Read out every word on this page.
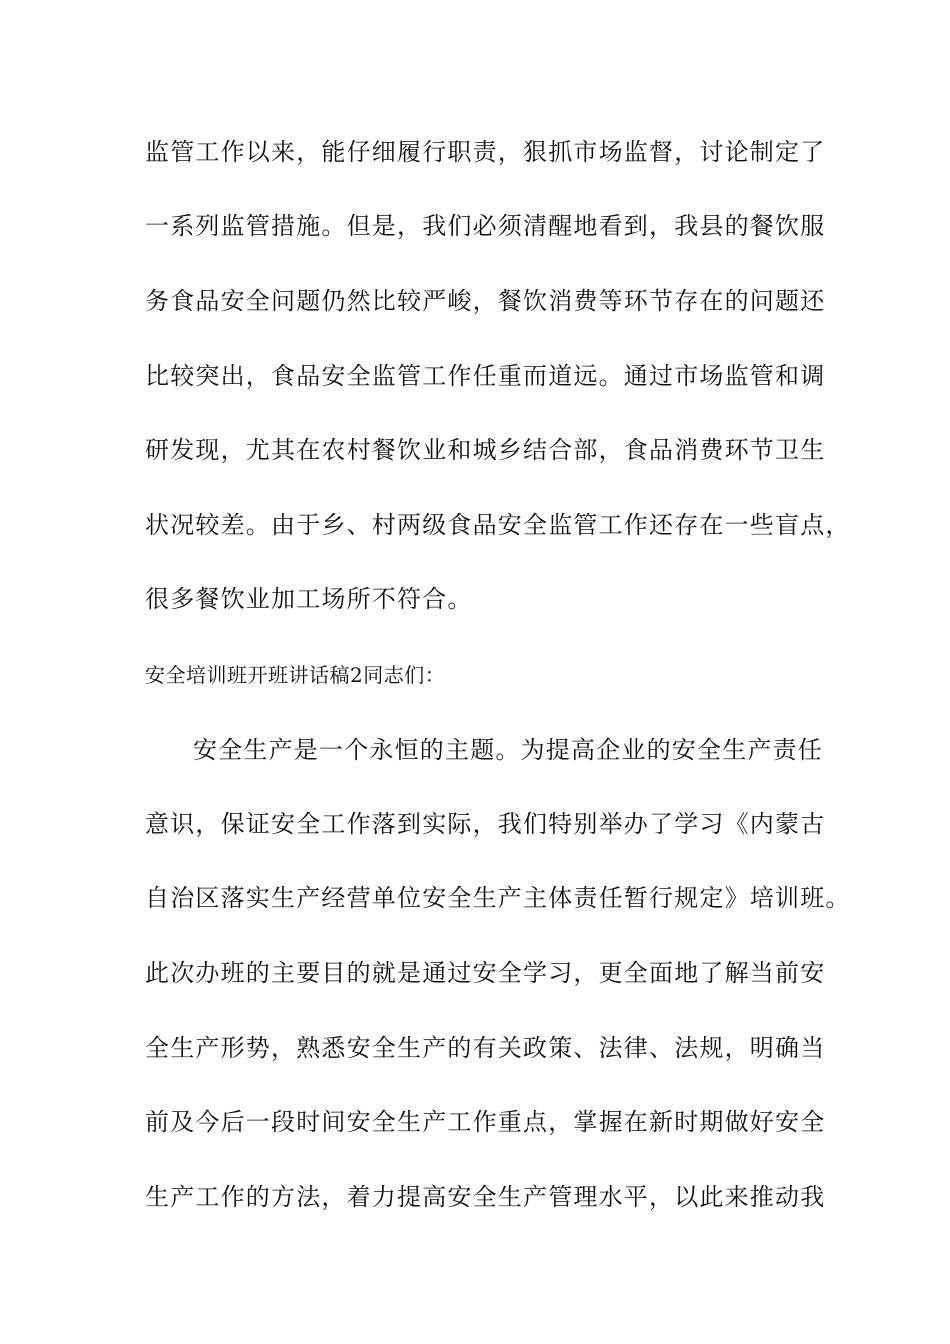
监管工作以来，能仔细履行职责，狠抓市场监督，讨论制定了
一系列监管措施。但是，我们必须清醒地看到，我县的餐饮服
务食品安全问题仍然比较严峻，餐饮消费等环节存在的问题还
比较突出，食品安全监管工作任重而道远。通过市场监管和调
研发现，尤其在农村餐饮业和城乡结合部，食品消费环节卫生
状况较差。由于乡、村两级食品安全监管工作还存在一些盲点，
很多餐饮业加工场所不符合。
安全培训班开班讲话稿2同志们：
安全生产是一个永恒的主题。为提高企业的安全生产责任
意识，保证安全工作落到实际，我们特别举办了学习《内蒙古
自治区落实生产经营单位安全生产主体责任暂行规定》培训班。
此次办班的主要目的就是通过安全学习，更全面地了解当前安
全生产形势，熟悉安全生产的有关政策、法律、法规，明确当
前及今后一段时间安全生产工作重点，掌握在新时期做好安全
生产工作的方法，着力提高安全生产管理水平，以此来推动我
